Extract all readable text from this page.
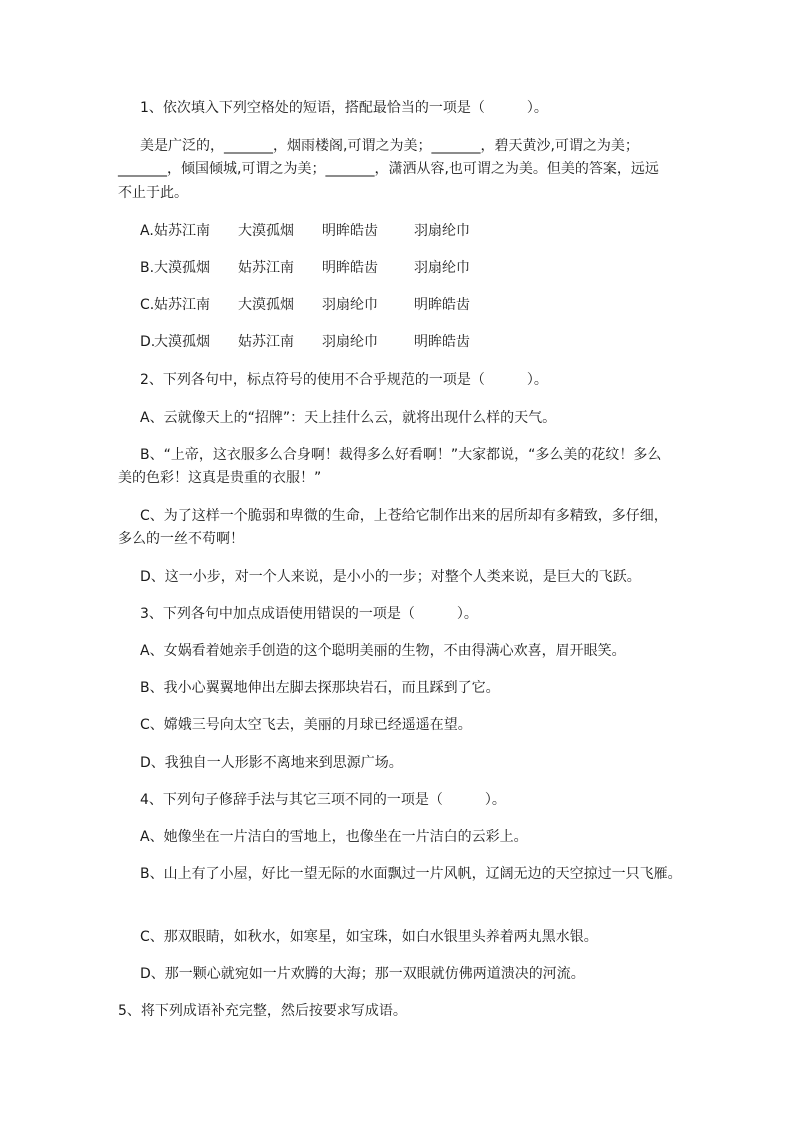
1、依次填入下列空格处的短语，搭配最恰当的一项是（　　　）。
美是广泛的，_______，烟雨楼阁,可谓之为美；_______，碧天黄沙,可谓之为美；
_______，倾国倾城,可谓之为美；_______，潇洒从容,也可谓之为美。但美的答案，远远
不止于此。
A.姑苏江南 大漠孤烟 明眸皓齿	羽扇纶巾
B.大漠孤烟 姑苏江南 明眸皓齿	羽扇纶巾
C.姑苏江南 大漠孤烟 羽扇纶巾	明眸皓齿
D.大漠孤烟 姑苏江南 羽扇纶巾	明眸皓齿
2、下列各句中，标点符号的使用不合乎规范的一项是（　　　）。
A、云就像天上的“招牌”：天上挂什么云，就将出现什么样的天气。
B、“上帝，这衣服多么合身啊！裁得多么好看啊！”大家都说，“多么美的花纹！多么
美的色彩！这真是贵重的衣服！”
C、为了这样一个脆弱和卑微的生命，上苍给它制作出来的居所却有多精致，多仔细，
多么的一丝不苟啊！
D、这一小步，对一个人来说，是小小的一步；对整个人类来说，是巨大的飞跃。
3、下列各句中加点成语使用错误的一项是（　　　）。
A、女娲看着她亲手创造的这个聪明美丽的生物，不由得满心欢喜，眉开眼笑。
B、我小心翼翼地伸出左脚去探那块岩石，而且踩到了它。
C、嫦娥三号向太空飞去，美丽的月球已经遥遥在望。
D、我独自一人形影不离地来到思源广场。
4、下列句子修辞手法与其它三项不同的一项是（　　　）。
A、她像坐在一片洁白的雪地上，也像坐在一片洁白的云彩上。
B、山上有了小屋，好比一望无际的水面飘过一片风帆，辽阔无边的天空掠过一只飞雁。
C、那双眼睛，如秋水，如寒星，如宝珠，如白水银里头养着两丸黑水银。
D、那一颗心就宛如一片欢腾的大海；那一双眼就仿佛两道溃决的河流。
5、将下列成语补充完整，然后按要求写成语。
